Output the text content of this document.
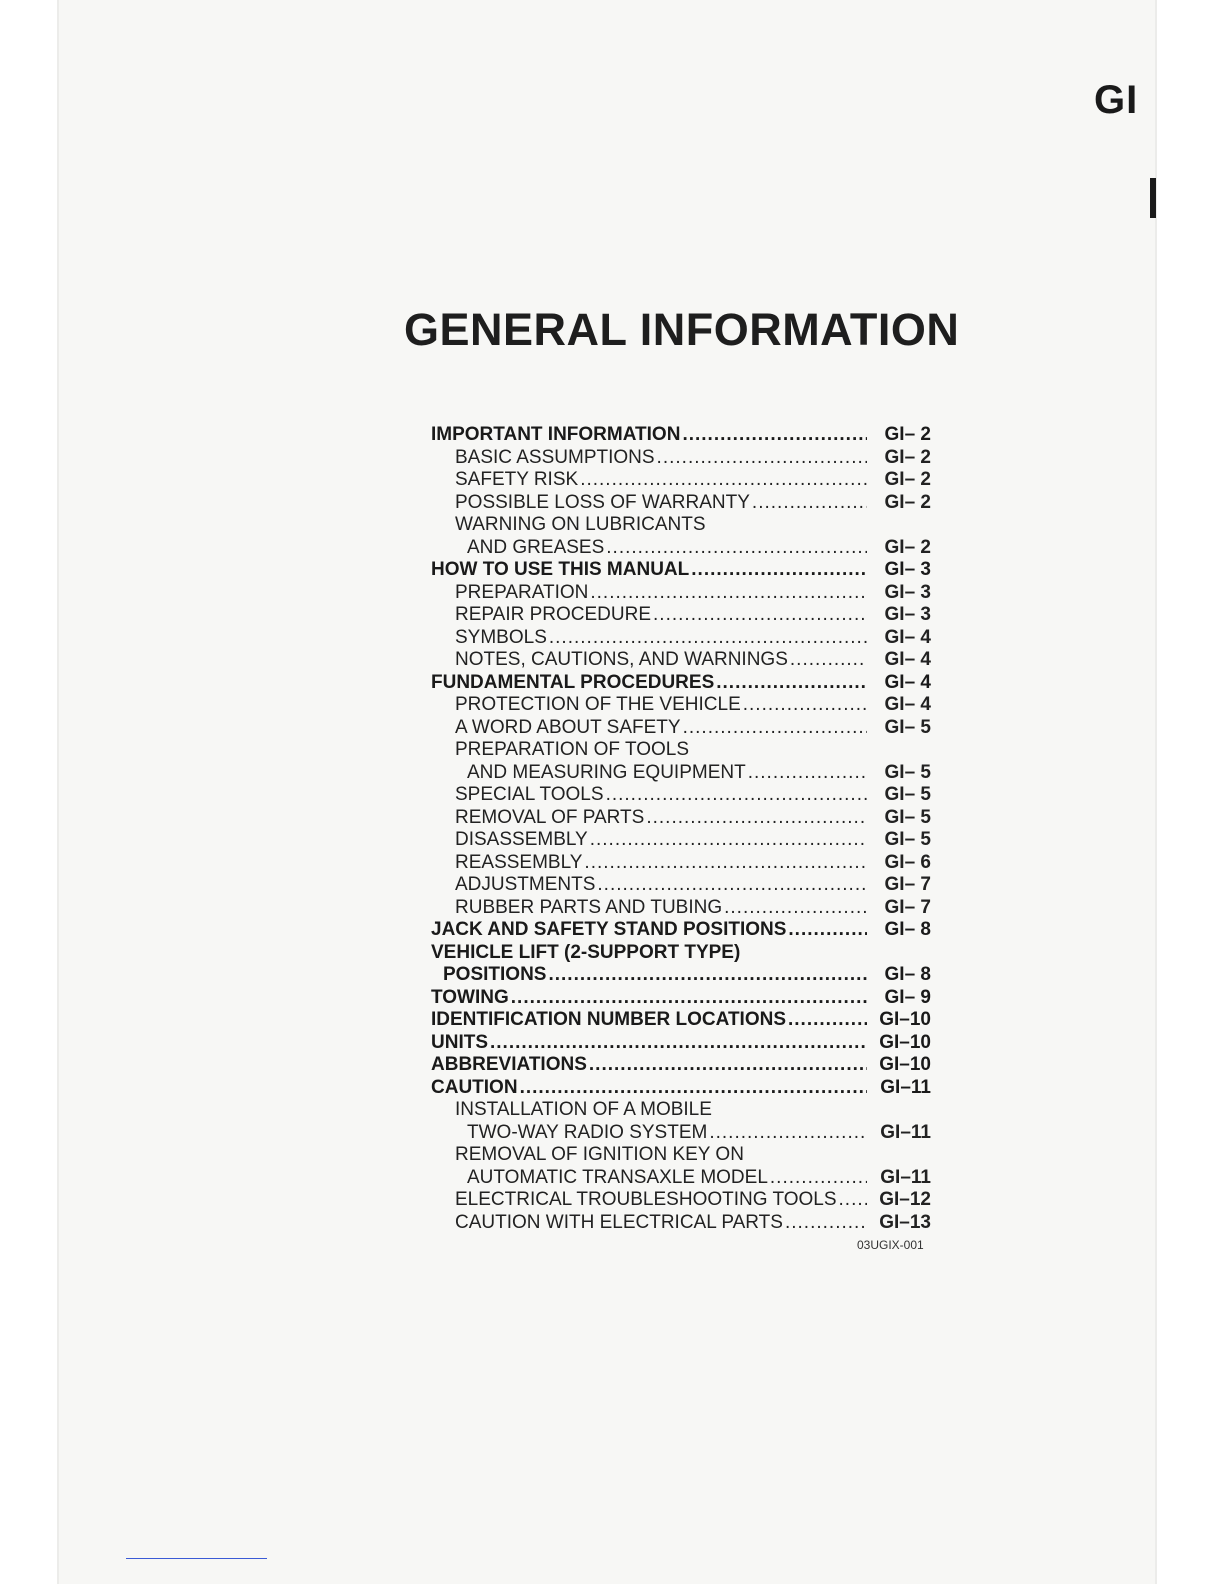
GI
GENERAL INFORMATION
IMPORTANT INFORMATION .....	GI– 2
BASIC ASSUMPTIONS .....	GI– 2
SAFETY RISK .....	GI– 2
POSSIBLE LOSS OF WARRANTY .....	GI– 2
WARNING ON LUBRICANTS
AND GREASES .....	GI– 2
HOW TO USE THIS MANUAL .....	GI– 3
PREPARATION .....	GI– 3
REPAIR PROCEDURE .....	GI– 3
SYMBOLS .....	GI– 4
NOTES, CAUTIONS, AND WARNINGS .....	GI– 4
FUNDAMENTAL PROCEDURES .....	GI– 4
PROTECTION OF THE VEHICLE .....	GI– 4
A WORD ABOUT SAFETY .....	GI– 5
PREPARATION OF TOOLS
AND MEASURING EQUIPMENT .....	GI– 5
SPECIAL TOOLS .....	GI– 5
REMOVAL OF PARTS .....	GI– 5
DISASSEMBLY .....	GI– 5
REASSEMBLY .....	GI– 6
ADJUSTMENTS .....	GI– 7
RUBBER PARTS AND TUBING .....	GI– 7
JACK AND SAFETY STAND POSITIONS .....	GI– 8
VEHICLE LIFT (2-SUPPORT TYPE)
POSITIONS .....	GI– 8
TOWING .....	GI– 9
IDENTIFICATION NUMBER LOCATIONS .....	GI–10
UNITS .....	GI–10
ABBREVIATIONS .....	GI–10
CAUTION .....	GI–11
INSTALLATION OF A MOBILE
TWO-WAY RADIO SYSTEM .....	GI–11
REMOVAL OF IGNITION KEY ON
AUTOMATIC TRANSAXLE MODEL .....	GI–11
ELECTRICAL TROUBLESHOOTING TOOLS .....	GI–12
CAUTION WITH ELECTRICAL PARTS .....	GI–13
03UGIX-001
